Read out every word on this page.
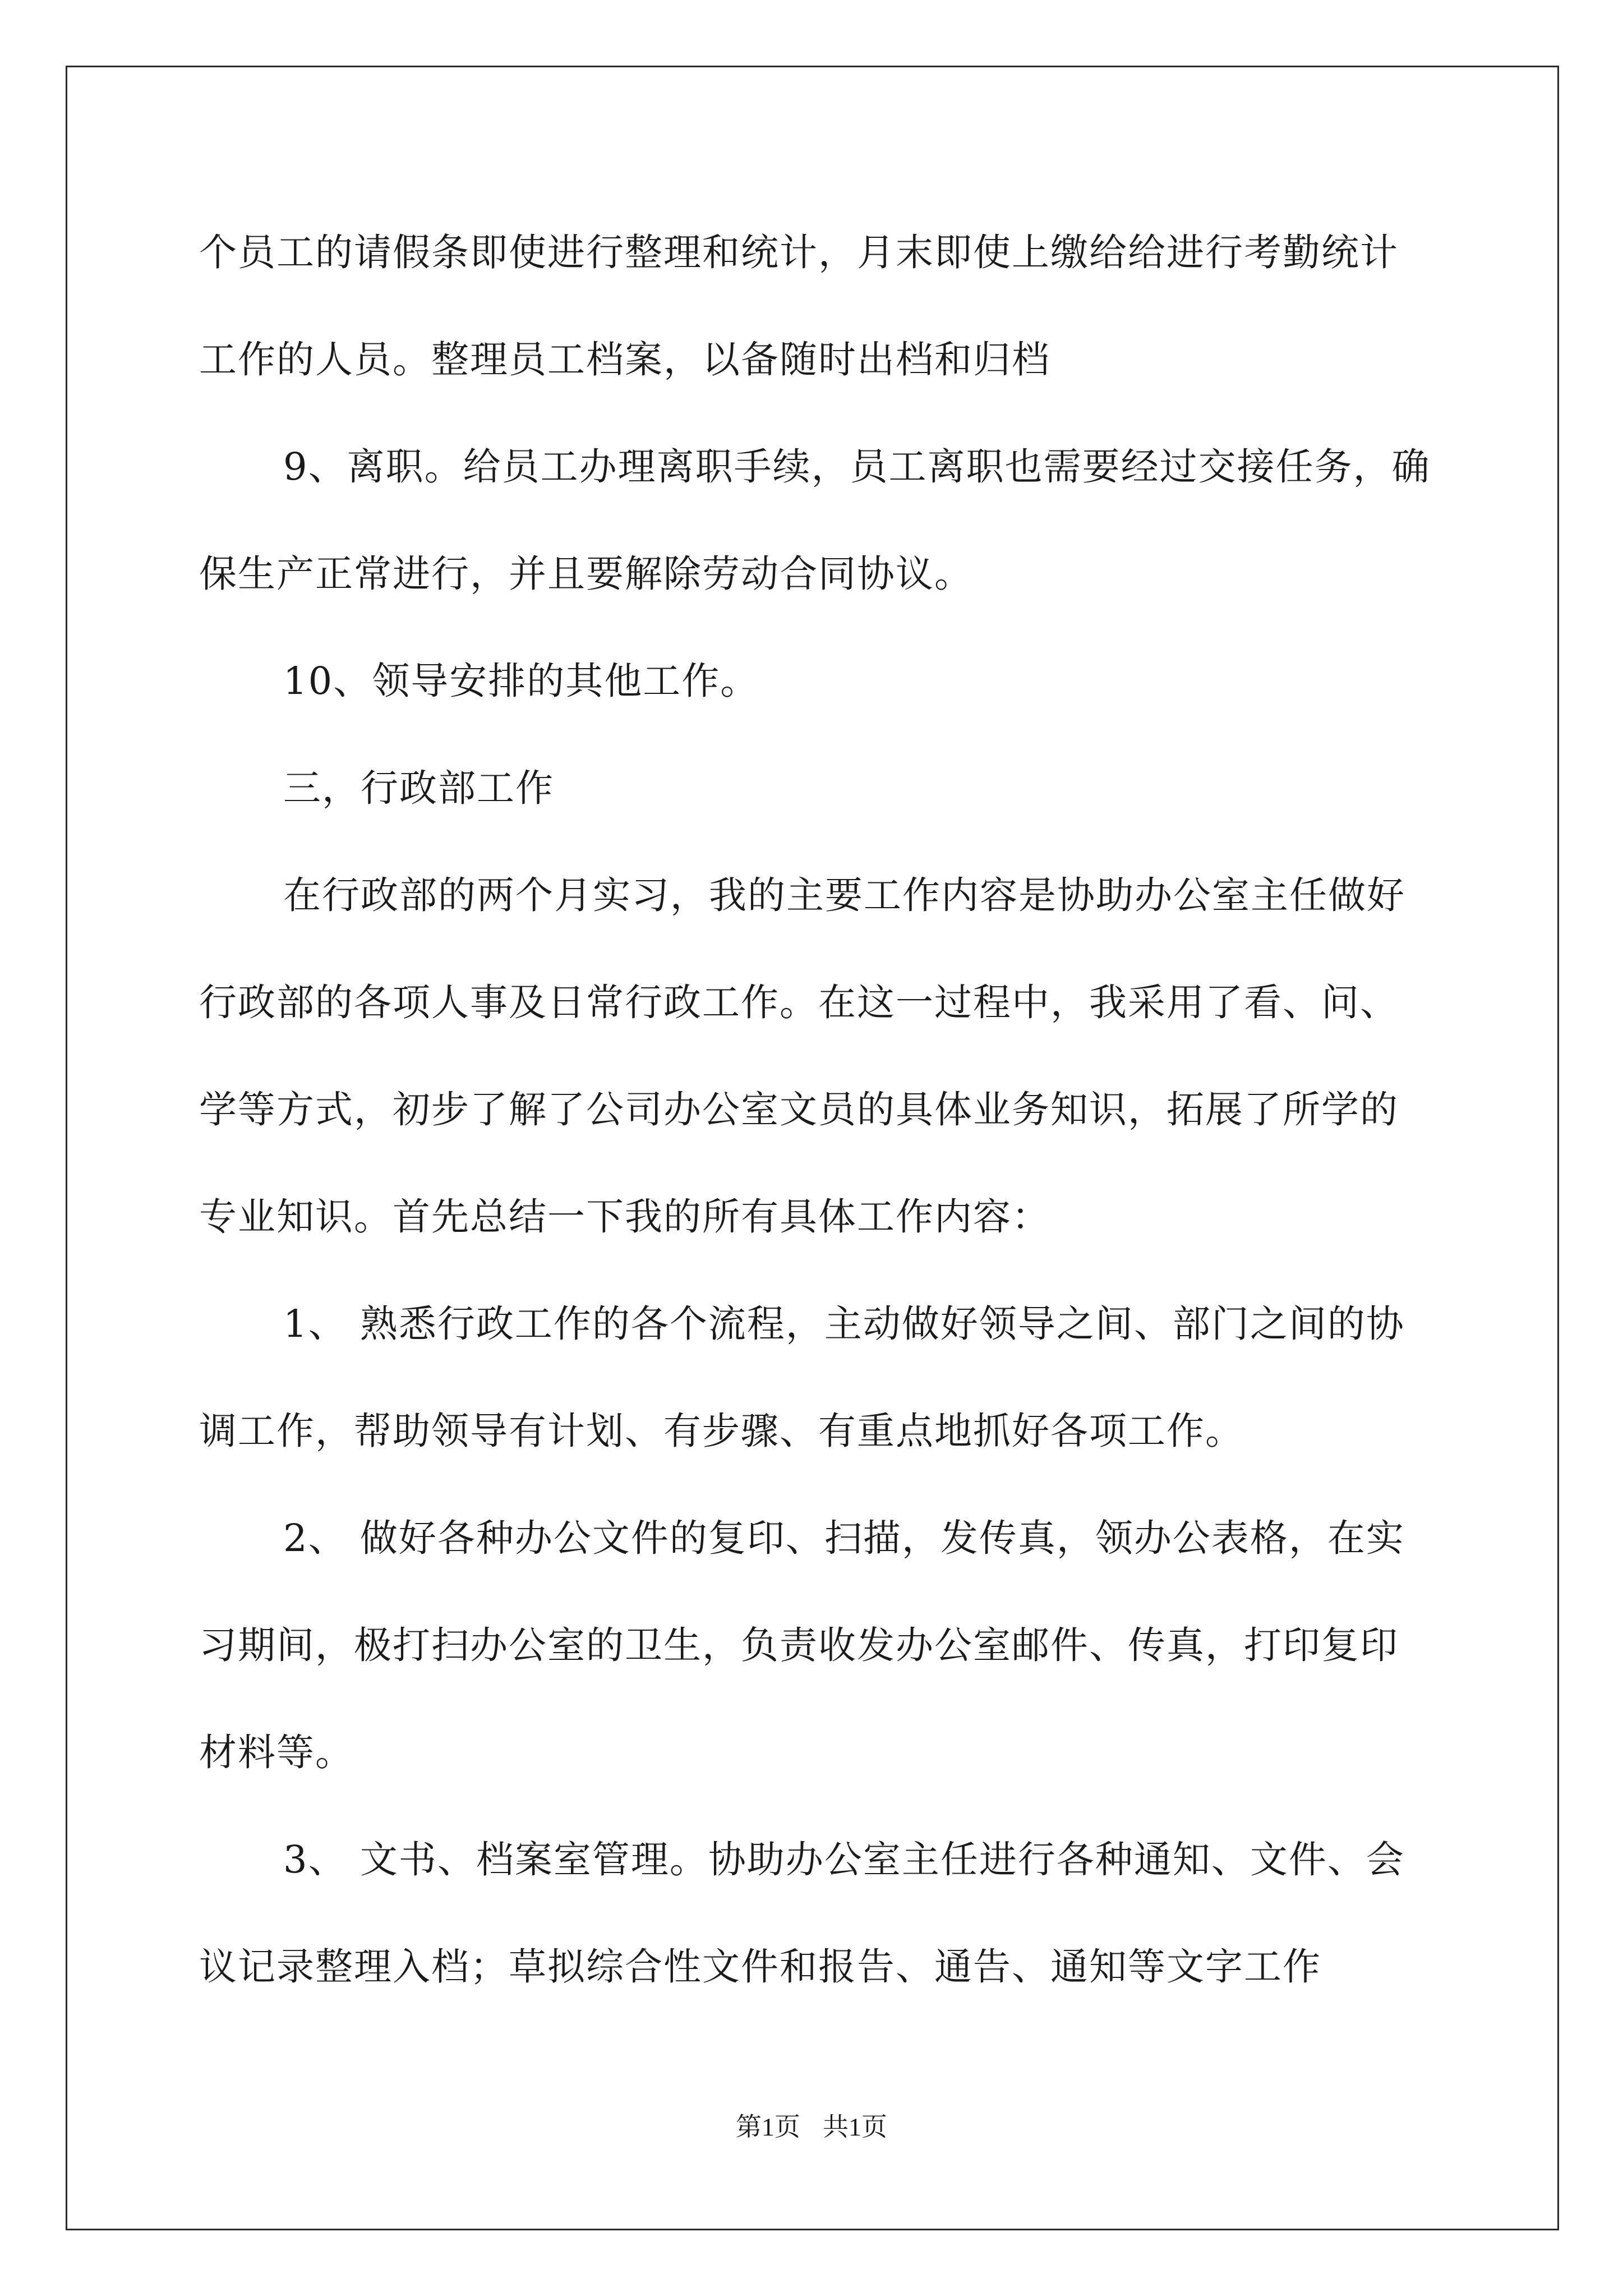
个员工的请假条即使进行整理和统计，月末即使上缴给给进行考勤统计工作的人员。整理员工档案，以备随时出档和归档

9、离职。给员工办理离职手续，员工离职也需要经过交接任务，确保生产正常进行，并且要解除劳动合同协议。

10、领导安排的其他工作。

三，行政部工作

在行政部的两个月实习，我的主要工作内容是协助办公室主任做好行政部的各项人事及日常行政工作。在这一过程中，我采用了看、问、学等方式，初步了解了公司办公室文员的具体业务知识，拓展了所学的专业知识。首先总结一下我的所有具体工作内容：

1、 熟悉行政工作的各个流程，主动做好领导之间、部门之间的协调工作，帮助领导有计划、有步骤、有重点地抓好各项工作。

2、 做好各种办公文件的复印、扫描，发传真，领办公表格，在实习期间，极打扫办公室的卫生，负责收发办公室邮件、传真，打印复印材料等。

3、 文书、档案室管理。协助办公室主任进行各种通知、文件、会议记录整理入档；草拟综合性文件和报告、通告、通知等文字工作

第1页 共1页
